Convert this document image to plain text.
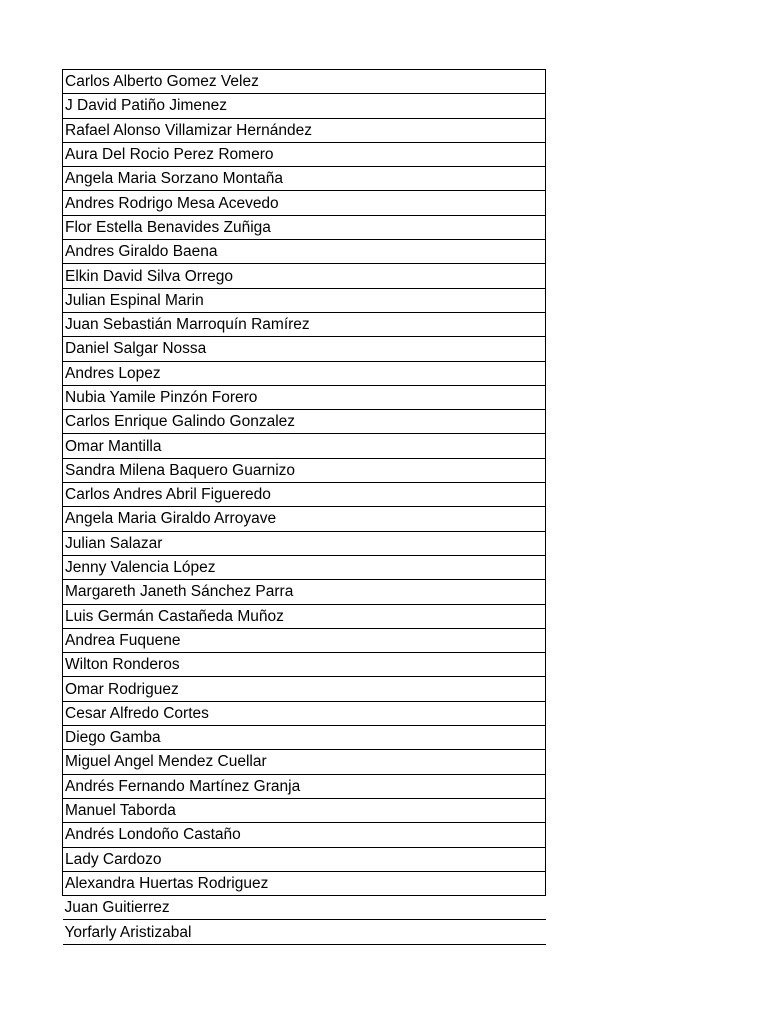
Carlos Alberto Gomez Velez
J David Patiño Jimenez
Rafael Alonso Villamizar Hernández
Aura Del Rocio Perez Romero
Angela Maria Sorzano Montaña
Andres Rodrigo Mesa Acevedo
Flor Estella Benavides Zuñiga
Andres Giraldo Baena
Elkin David Silva Orrego
Julian Espinal Marin
Juan Sebastián Marroquín Ramírez
Daniel Salgar Nossa
Andres Lopez
Nubia Yamile Pinzón Forero
Carlos Enrique Galindo Gonzalez
Omar Mantilla
Sandra Milena Baquero Guarnizo
Carlos Andres Abril Figueredo
Angela Maria Giraldo Arroyave
Julian Salazar
Jenny Valencia López
Margareth Janeth Sánchez Parra
Luis Germán Castañeda Muñoz
Andrea Fuquene
Wilton Ronderos
Omar Rodriguez
Cesar Alfredo Cortes
Diego Gamba
Miguel Angel Mendez Cuellar
Andrés Fernando Martínez Granja
Manuel Taborda
Andrés Londoño Castaño
Lady Cardozo
Alexandra Huertas Rodriguez
Juan Guitierrez
Yorfarly Aristizabal
